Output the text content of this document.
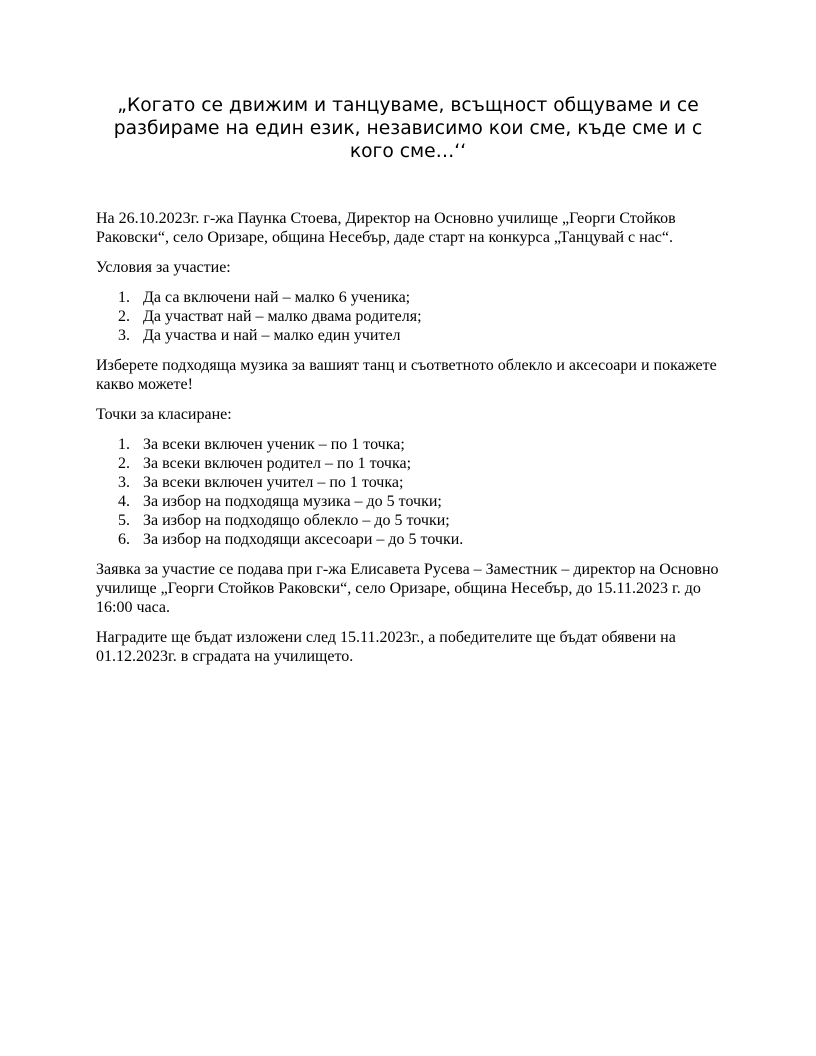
„Когато се движим и танцуваме, всъщност общуваме и се разбираме на един език, независимо кои сме, къде сме и с кого сме…‘‘

На 26.10.2023г. г-жа Паунка Стоева, Директор на Основно училище „Георги Стойков Раковски“, село Оризаре, община Несебър, даде старт на конкурса „Танцувай с нас“.

Условия за участие:

1. Да са включени най – малко 6 ученика;
2. Да участват най – малко двама родителя;
3. Да участва и най – малко един учител

Изберете подходяща музика за вашият танц и съответното облекло и аксесоари и покажете какво можете!

Точки за класиране:

1. За всеки включен ученик – по 1 точка;
2. За всеки включен родител – по 1 точка;
3. За всеки включен учител – по 1 точка;
4. За избор на подходяща музика – до 5 точки;
5. За избор на подходящо облекло – до 5 точки;
6. За избор на подходящи аксесоари – до 5 точки.

Заявка за участие се подава при г-жа Елисавета Русева – Заместник – директор на Основно училище „Георги Стойков Раковски“, село Оризаре, община Несебър, до 15.11.2023 г. до 16:00 часа.

Наградите ще бъдат изложени след 15.11.2023г., а победителите ще бъдат обявени на 01.12.2023г. в сградата на училището.
